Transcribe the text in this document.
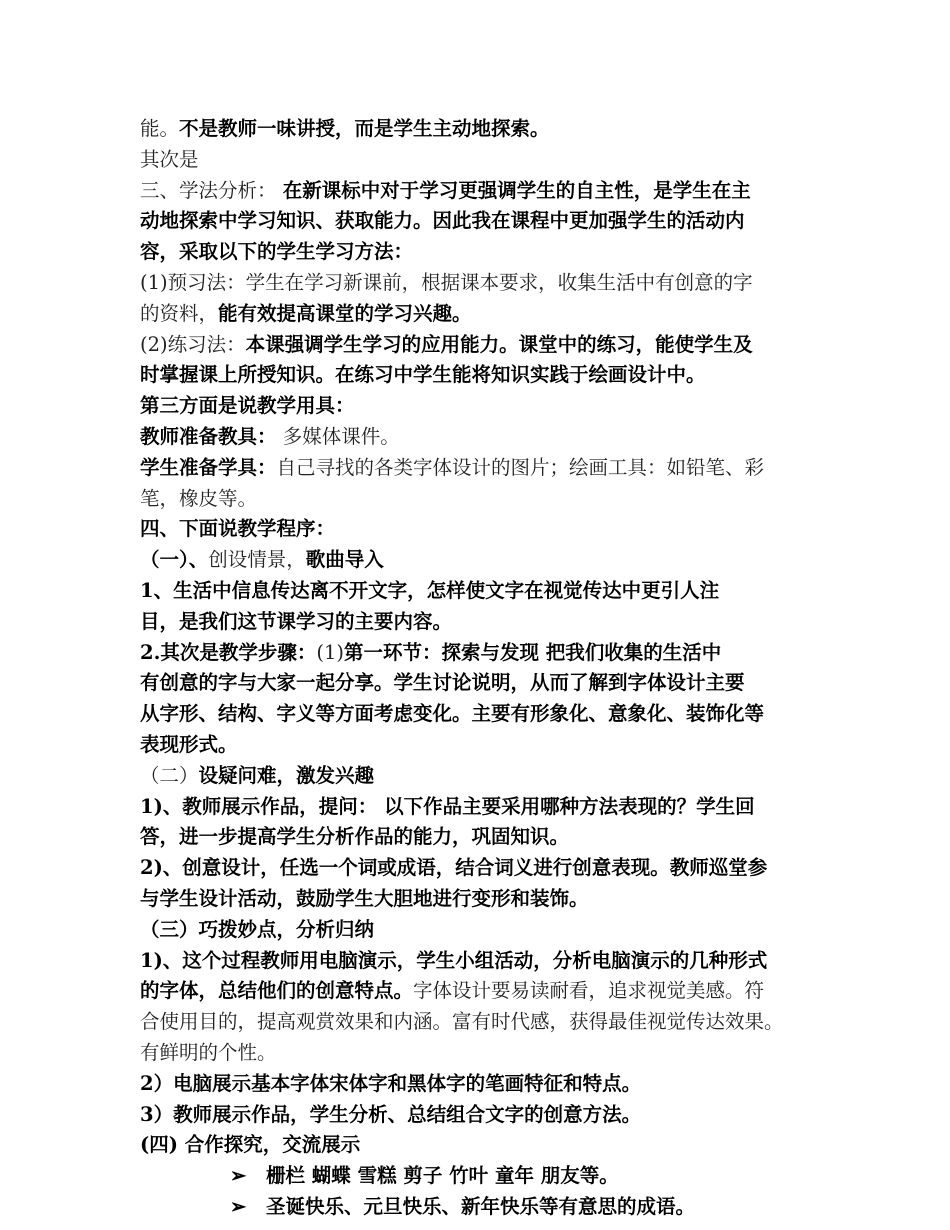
能。不是教师一味讲授，而是学生主动地探索。
其次是
三、学法分析： 在新课标中对于学习更强调学生的自主性，是学生在主
动地探索中学习知识、获取能力。因此我在课程中更加强学生的活动内
容，采取以下的学生学习方法：
(1)预习法：学生在学习新课前，根据课本要求，收集生活中有创意的字
的资料，能有效提高课堂的学习兴趣。
(2)练习法：本课强调学生学习的应用能力。课堂中的练习，能使学生及
时掌握课上所授知识。在练习中学生能将知识实践于绘画设计中。
第三方面是说教学用具：
教师准备教具： 多媒体课件。
学生准备学具：自己寻找的各类字体设计的图片；绘画工具：如铅笔、彩
笔，橡皮等。
四、下面说教学程序：
（一）、创设情景，歌曲导入
1、生活中信息传达离不开文字，怎样使文字在视觉传达中更引人注
目，是我们这节课学习的主要内容。
2.其次是教学步骤：(1)第一环节：探索与发现 把我们收集的生活中
有创意的字与大家一起分享。学生讨论说明，从而了解到字体设计主要
从字形、结构、字义等方面考虑变化。主要有形象化、意象化、装饰化等
表现形式。
（二）设疑问难，激发兴趣
1)、教师展示作品，提问： 以下作品主要采用哪种方法表现的？学生回
答，进一步提高学生分析作品的能力，巩固知识。
2)、创意设计，任选一个词或成语，结合词义进行创意表现。教师巡堂参
与学生设计活动，鼓励学生大胆地进行变形和装饰。
（三）巧拨妙点，分析归纳
1)、这个过程教师用电脑演示，学生小组活动，分析电脑演示的几种形式
的字体，总结他们的创意特点。字体设计要易读耐看，追求视觉美感。符
合使用目的，提高观赏效果和内涵。富有时代感，获得最佳视觉传达效果。
有鲜明的个性。
2）电脑展示基本字体宋体字和黑体字的笔画特征和特点。
3）教师展示作品，学生分析、总结组合文字的创意方法。
(四) 合作探究，交流展示
➢ 栅栏 蝴蝶 雪糕 剪子 竹叶 童年 朋友等。
➢ 圣诞快乐、元旦快乐、新年快乐等有意思的成语。
